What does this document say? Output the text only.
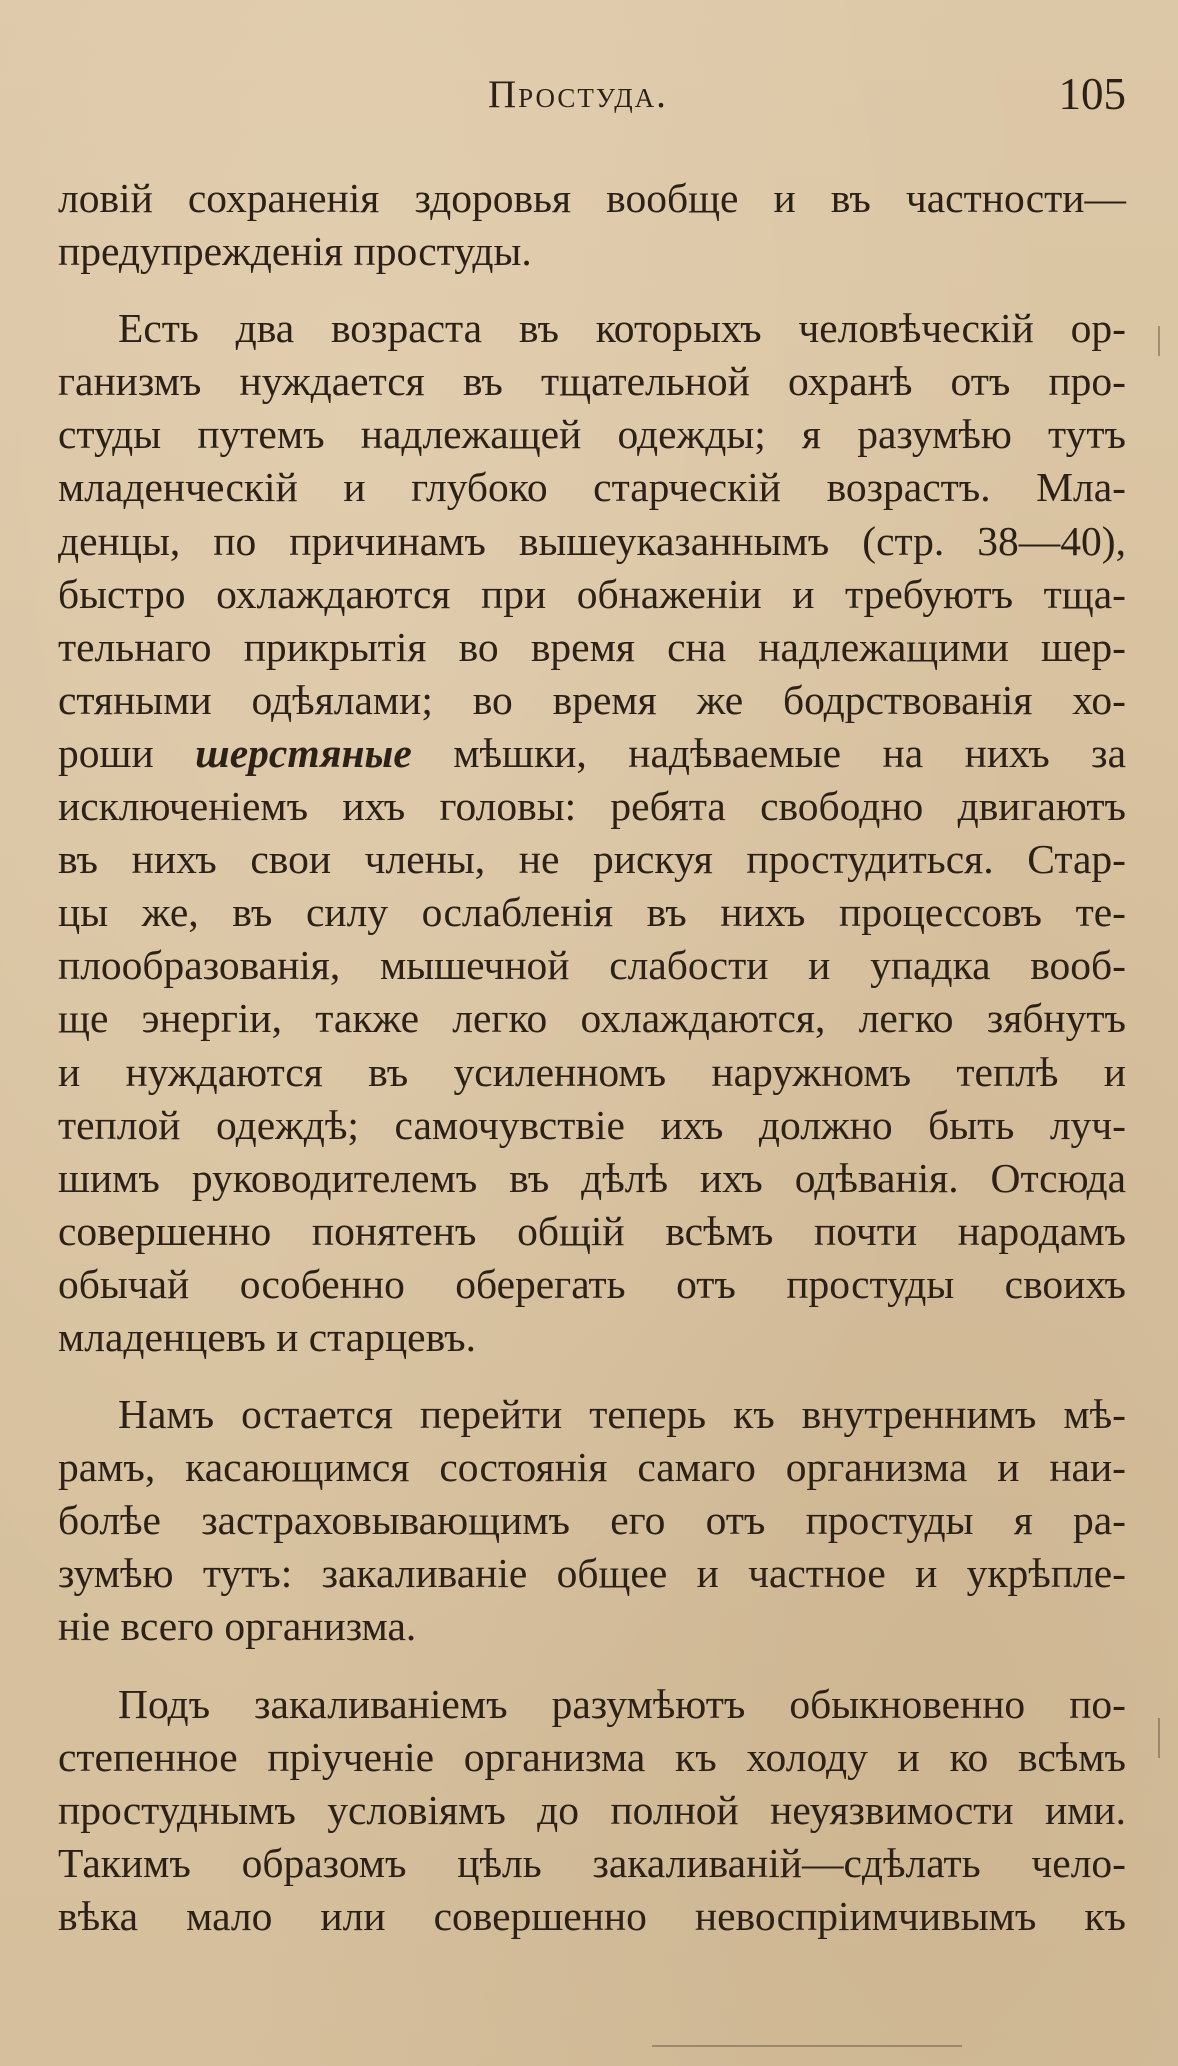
Простуда.	105
ловій сохраненія здоровья вообще и въ частности—
предупрежденія простуды.
Есть два возраста въ которыхъ человѣческій ор-
ганизмъ нуждается въ тщательной охранѣ отъ про-
студы путемъ надлежащей одежды; я разумѣю тутъ
младенческій и глубоко старческій возрастъ. Мла-
денцы, по причинамъ вышеуказаннымъ (стр. 38—40),
быстро охлаждаются при обнаженіи и требуютъ тща-
тельнаго прикрытія во время сна надлежащими шер-
стяными одѣялами; во время же бодрствованія хо-
роши шерстяные мѣшки, надѣваемые на нихъ за
исключеніемъ ихъ головы: ребята свободно двигаютъ
въ нихъ свои члены, не рискуя простудиться. Стар-
цы же, въ силу ослабленія въ нихъ процессовъ те-
плообразованія, мышечной слабости и упадка вооб-
ще энергіи, также легко охлаждаются, легко зябнутъ
и нуждаются въ усиленномъ наружномъ теплѣ и
теплой одеждѣ; самочувствіе ихъ должно быть луч-
шимъ руководителемъ въ дѣлѣ ихъ одѣванія. Отсюда
совершенно понятенъ общій всѣмъ почти народамъ
обычай особенно оберегать отъ простуды своихъ
младенцевъ и старцевъ.
Намъ остается перейти теперь къ внутреннимъ мѣ-
рамъ, касающимся состоянія самаго организма и наи-
болѣе застраховывающимъ его отъ простуды я ра-
зумѣю тутъ: закаливаніе общее и частное и укрѣпле-
ніе всего организма.
Подъ закаливаніемъ разумѣютъ обыкновенно по-
степенное пріученіе организма къ холоду и ко всѣмъ
простуднымъ условіямъ до полной неуязвимости ими.
Такимъ образомъ цѣль закаливаній—сдѣлать чело-
вѣка мало или совершенно невоспріимчивымъ къ
